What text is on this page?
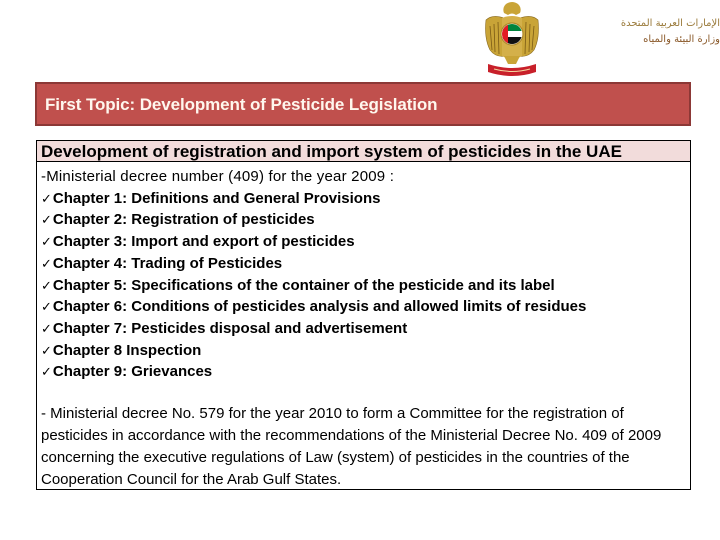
الإمارات العربية المتحدة
وزارة البيئة والمياه
First Topic: Development of Pesticide Legislation
Development of registration and import system of pesticides in the UAE
-Ministerial decree number (409) for the year 2009 :
✓Chapter 1: Definitions and General Provisions
✓Chapter 2: Registration of pesticides
✓Chapter 3: Import and export of pesticides
✓Chapter 4: Trading of Pesticides
✓Chapter 5: Specifications of the container of the pesticide and its label
✓Chapter 6: Conditions of pesticides analysis and allowed limits of residues
✓Chapter 7: Pesticides disposal and advertisement
✓Chapter 8 Inspection
✓Chapter 9: Grievances
- Ministerial decree No. 579 for the year 2010 to form a Committee for the registration of pesticides in accordance with the recommendations of the Ministerial Decree No. 409 of 2009 concerning the executive regulations of Law (system) of pesticides in the countries of the Cooperation Council for the Arab Gulf States.
